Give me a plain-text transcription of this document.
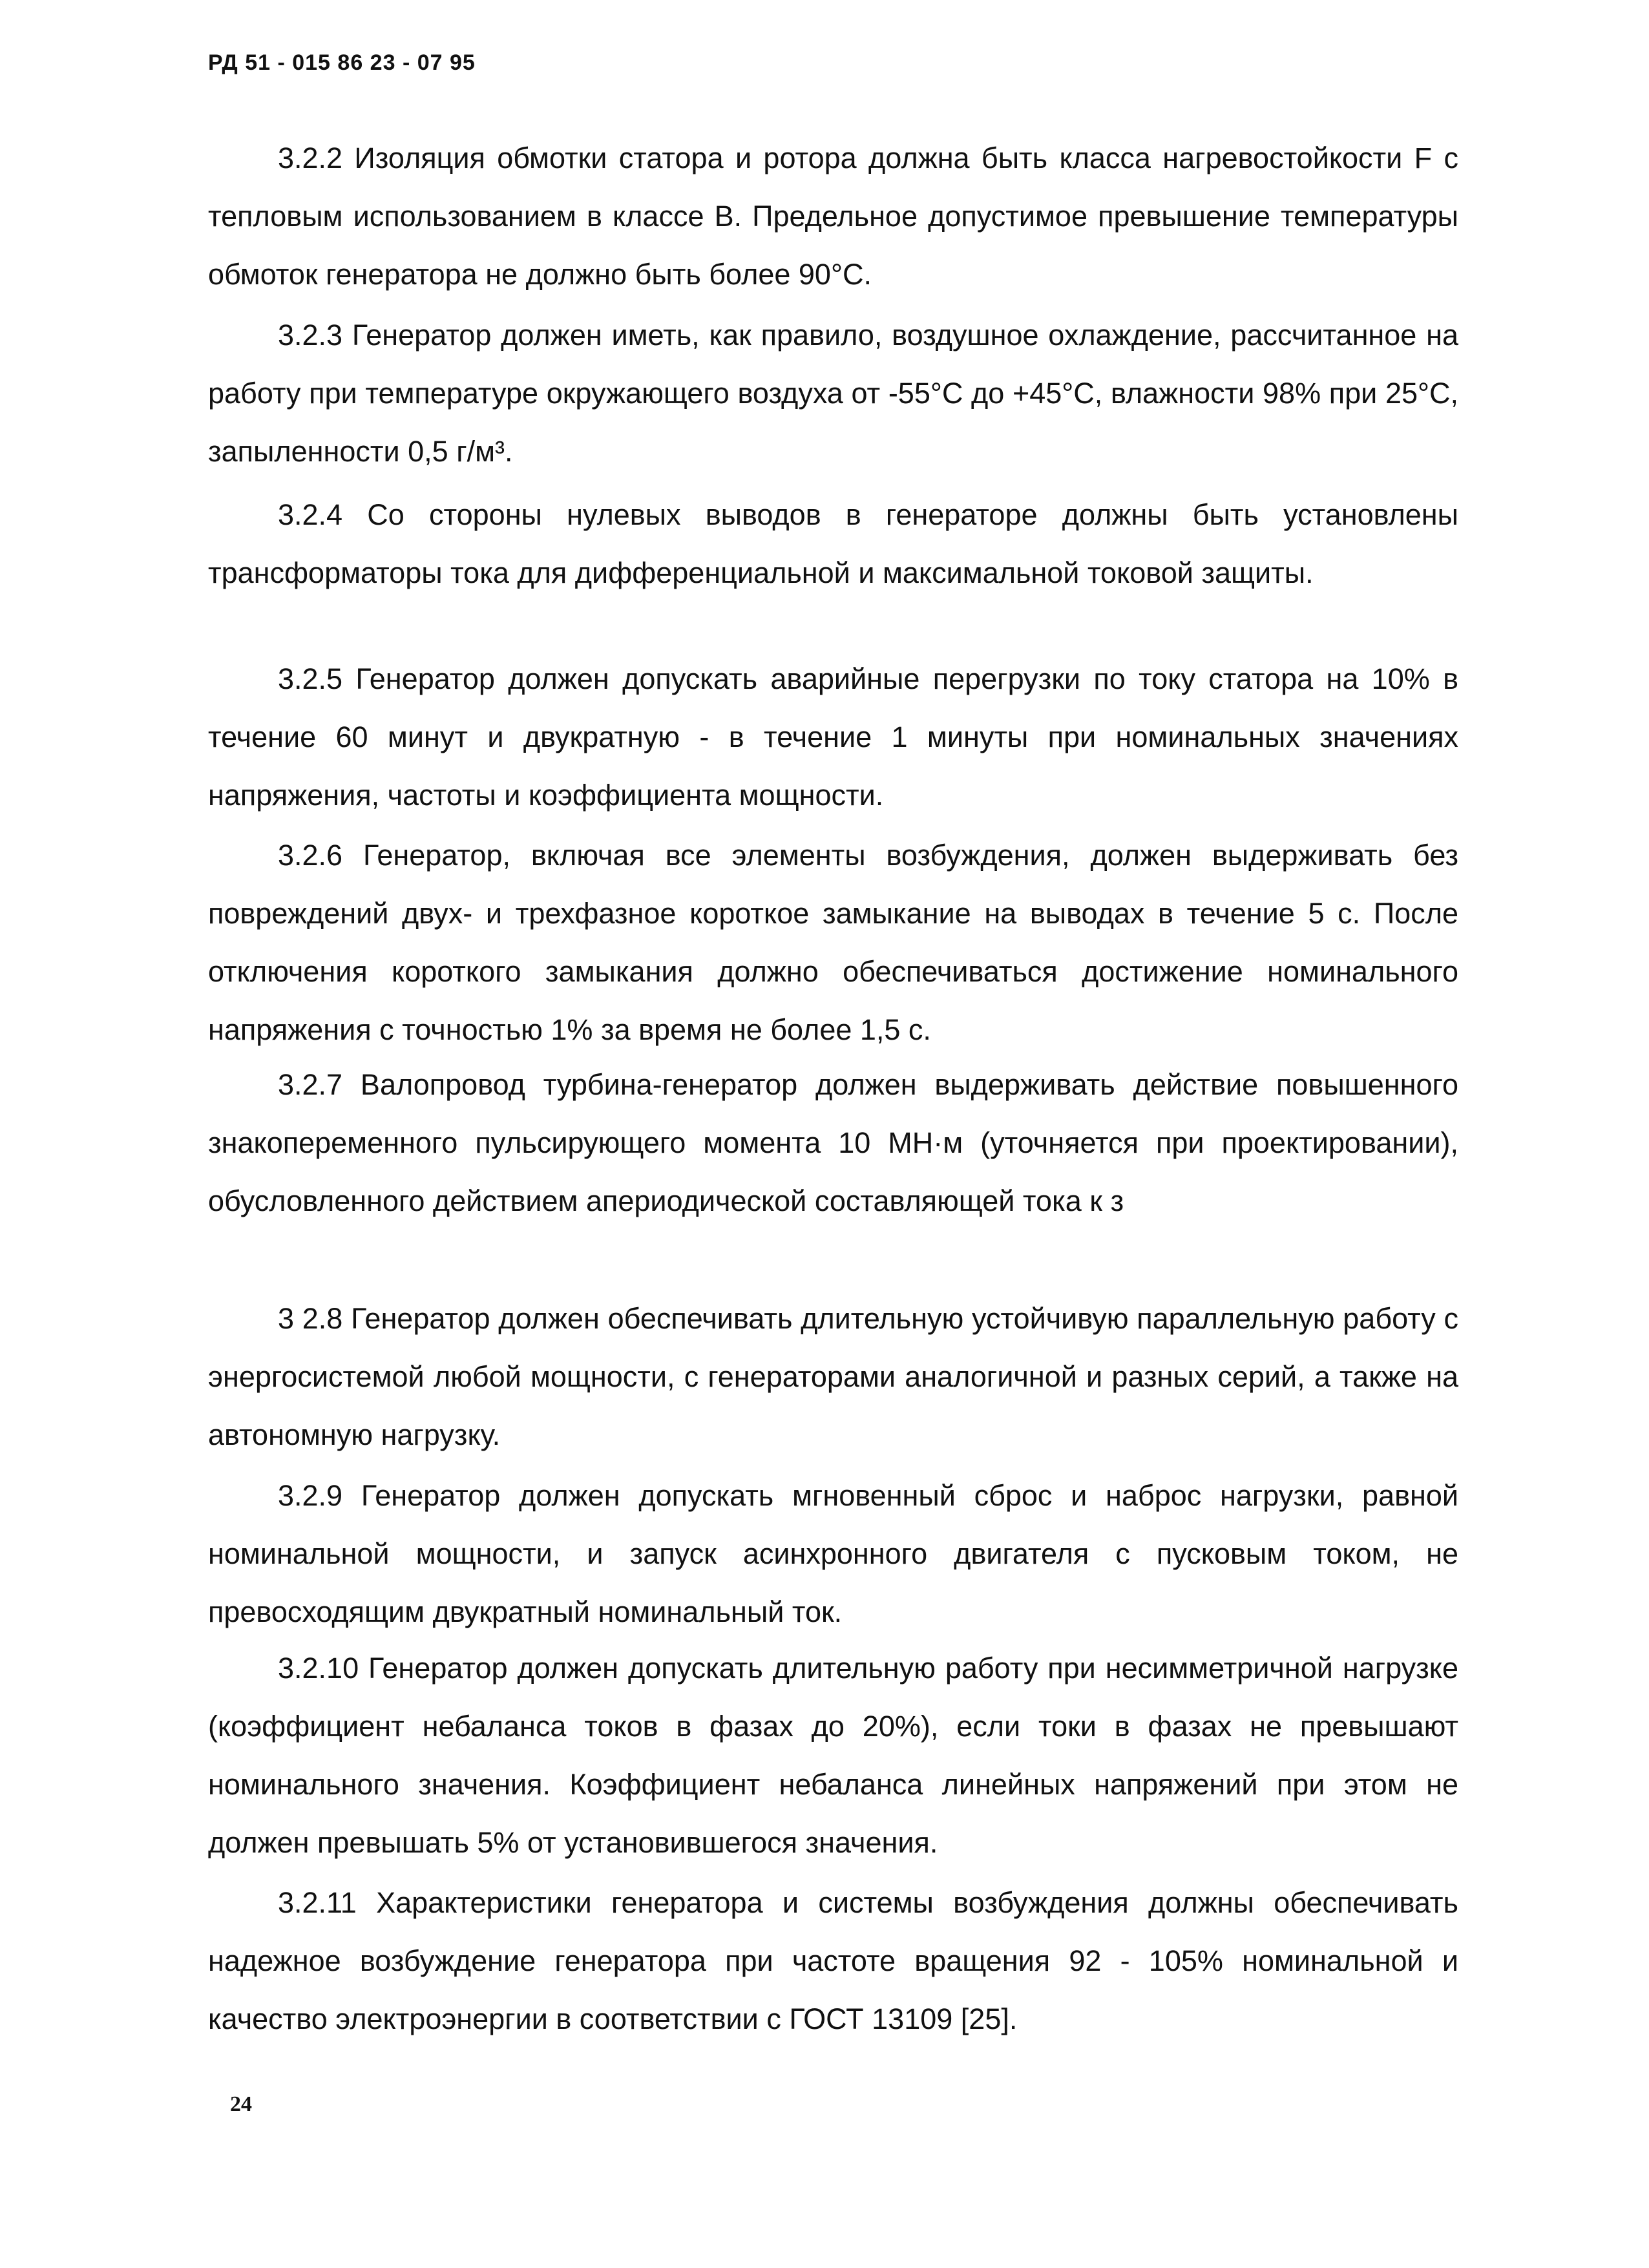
РД 51 - 015 86 23 - 07 95

3.2.2 Изоляция обмотки статора и ротора должна быть класса нагревостойкости F с тепловым использованием в классе В. Предельное допустимое превышение температуры обмоток генератора не должно быть более 90°С.

3.2.3 Генератор должен иметь, как правило, воздушное охлаждение, рассчитанное на работу при температуре окружающего воздуха от -55°С до +45°С, влажности 98% при 25°С, запыленности 0,5 г/м³.

3.2.4 Со стороны нулевых выводов в генераторе должны быть установлены трансформаторы тока для дифференциальной и максимальной токовой защиты.

3.2.5 Генератор должен допускать аварийные перегрузки по току статора на 10% в течение 60 минут и двукратную - в течение 1 минуты при номинальных значениях напряжения, частоты и коэффициента мощности.

3.2.6 Генератор, включая все элементы возбуждения, должен выдерживать без повреждений двух- и трехфазное короткое замыкание на выводах в течение 5 с. После отключения короткого замыкания должно обеспечиваться достижение номинального напряжения с точностью 1% за время не более 1,5 с.

3.2.7 Валопровод турбина-генератор должен выдерживать действие повышенного знакопеременного пульсирующего момента 10 МН·м (уточняется при проектировании), обусловленного действием апериодической составляющей тока к з

3 2.8 Генератор должен обеспечивать длительную устойчивую параллельную работу с энергосистемой любой мощности, с генераторами аналогичной и разных серий, а также на автономную нагрузку.

3.2.9 Генератор должен допускать мгновенный сброс и наброс нагрузки, равной номинальной мощности, и запуск асинхронного двигателя с пусковым током, не превосходящим двукратный номинальный ток.

3.2.10 Генератор должен допускать длительную работу при несимметричной нагрузке (коэффициент небаланса токов в фазах до 20%), если токи в фазах не превышают номинального значения. Коэффициент небаланса линейных напряжений при этом не должен превышать 5% от установившегося значения.

3.2.11 Характеристики генератора и системы возбуждения должны обеспечивать надежное возбуждение генератора при частоте вращения 92 - 105% номинальной и качество электроэнергии в соответствии с ГОСТ 13109 [25].

24
